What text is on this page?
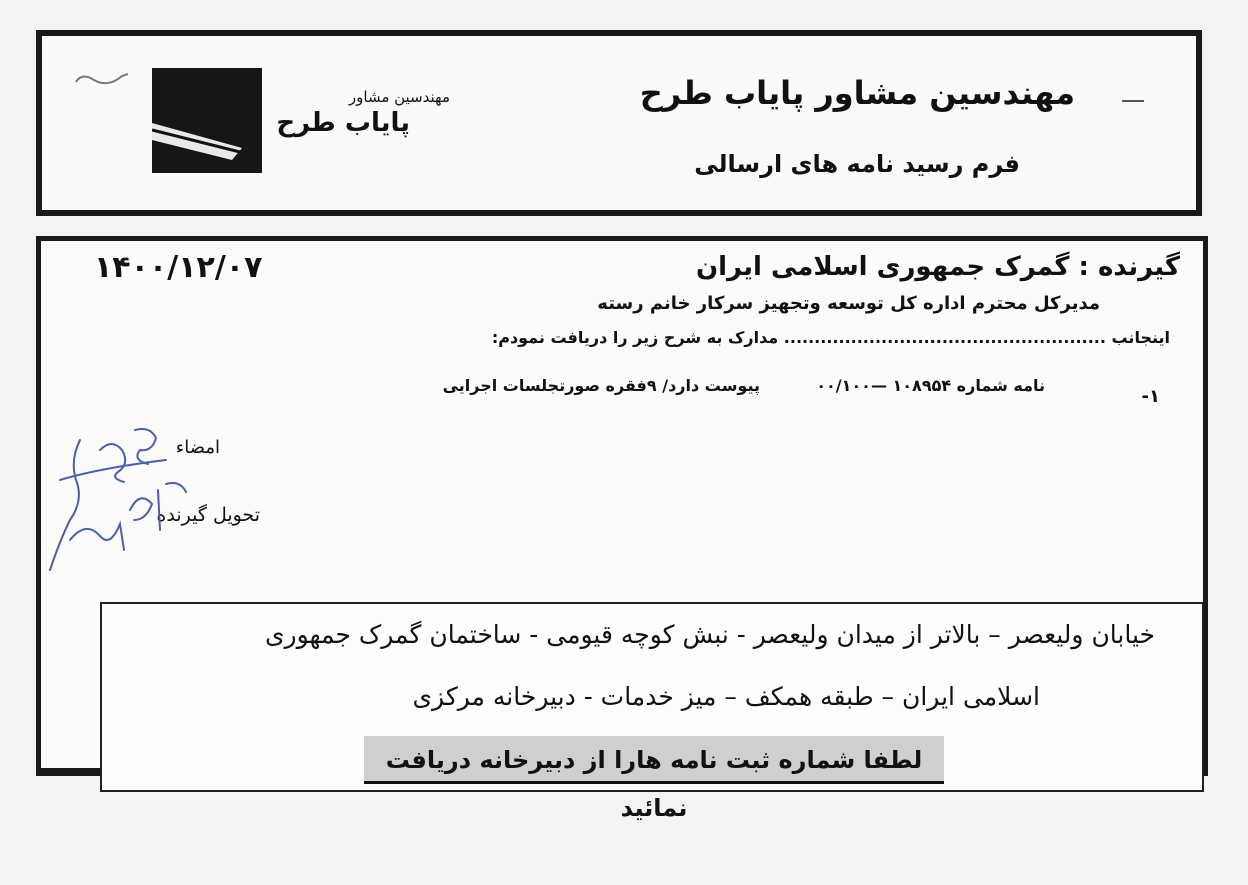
مهندسین مشاور
پایاب طرح
مهندسین مشاور پایاب طرح
فرم رسید نامه های ارسالی
۱۴۰۰/۱۲/۰۷	گیرنده : گمرک جمهوری اسلامی ایران
مدیرکل محترم اداره کل توسعه وتجهیز سرکار خانم رسته
اینجانب ..................................................... مدارک به شرح زیر را دریافت نمودم:
۱-
نامه شماره ۱۰۸۹۵۴ —۰۰/۱۰۰
پیوست دارد/ ۹فقره صورتجلسات اجرایی
امضاء
تحویل گیرنده
خیابان ولیعصر – بالاتر از میدان ولیعصر - نبش کوچه قیومی - ساختمان گمرک جمهوری
اسلامی ایران – طبقه همکف – میز خدمات - دبیرخانه مرکزی
لطفا شماره ثبت نامه هارا از دبیرخانه دریافت نمائید
